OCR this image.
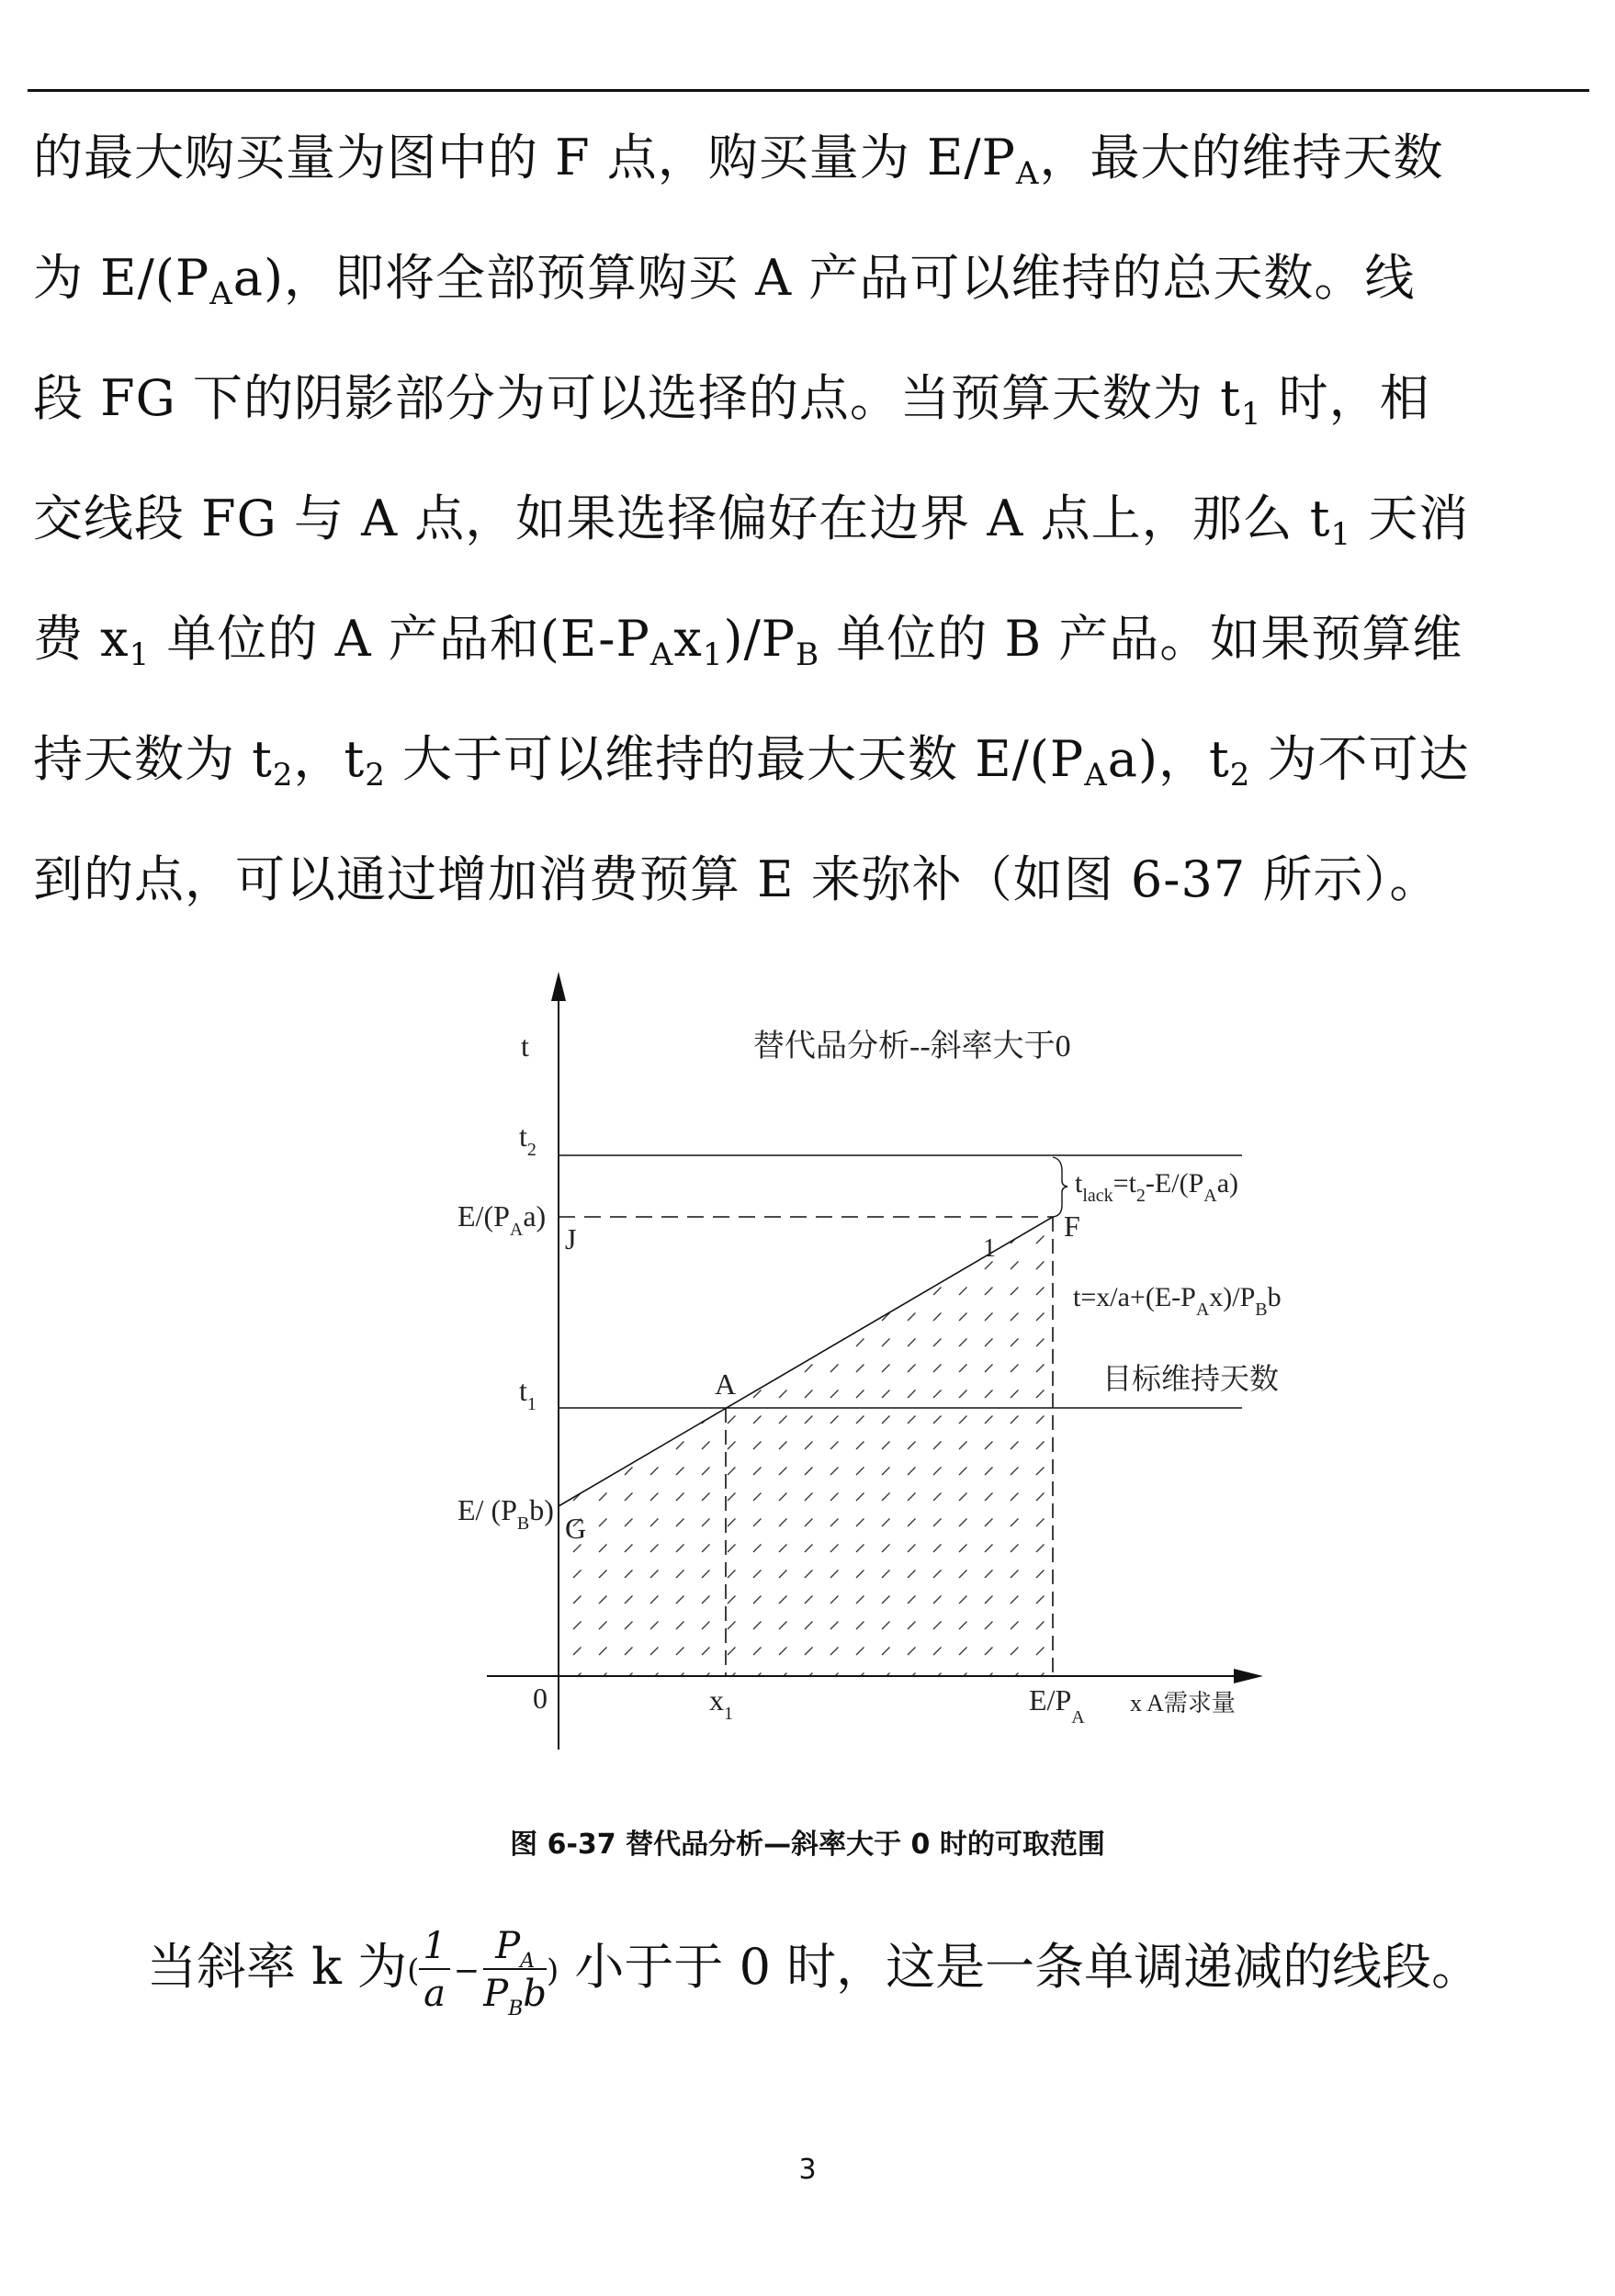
的最大购买量为图中的 F 点，购买量为 $E/P_A$，最大的维持天数
为 $E/(P_Aa)$，即将全部预算购买 A 产品可以维持的总天数。线
段 FG 下的阴影部分为可以选择的点。当预算天数为 $t_1$ 时，相
交线段 FG 与 A 点，如果选择偏好在边界 A 点上，那么 $t_1$ 天消
费 $x_1$ 单位的 A 产品和$(E-P_Ax_1)/P_B$ 单位的 B 产品。如果预算维
持天数为 $t_2$，$t_2$ 大于可以维持的最大天数 $E/(P_Aa)$，$t_2$ 为不可达
到的点，可以通过增加消费预算 E 来弥补（如图 6-37 所示）。
替代品分析--斜率大于0
t
$t_2$
$E/(P_Aa)$
$t_1$
E/ $(P_Bb)$
0	$x_1$	$E/P_A$
x A需求量
J	F
A
G
1
$t_{lack}=t_2-E/(P_Aa)$
$t=x/a+(E-P_Ax)/P_Bb$
目标维持天数
图 6-37 替代品分析—斜率大于 0 时的可取范围
当斜率 k 为( $\frac{1}{a} - \frac{P_A}{P_Bb}$ ) 小于于 0 时，这是一条单调递减的线段。
3
